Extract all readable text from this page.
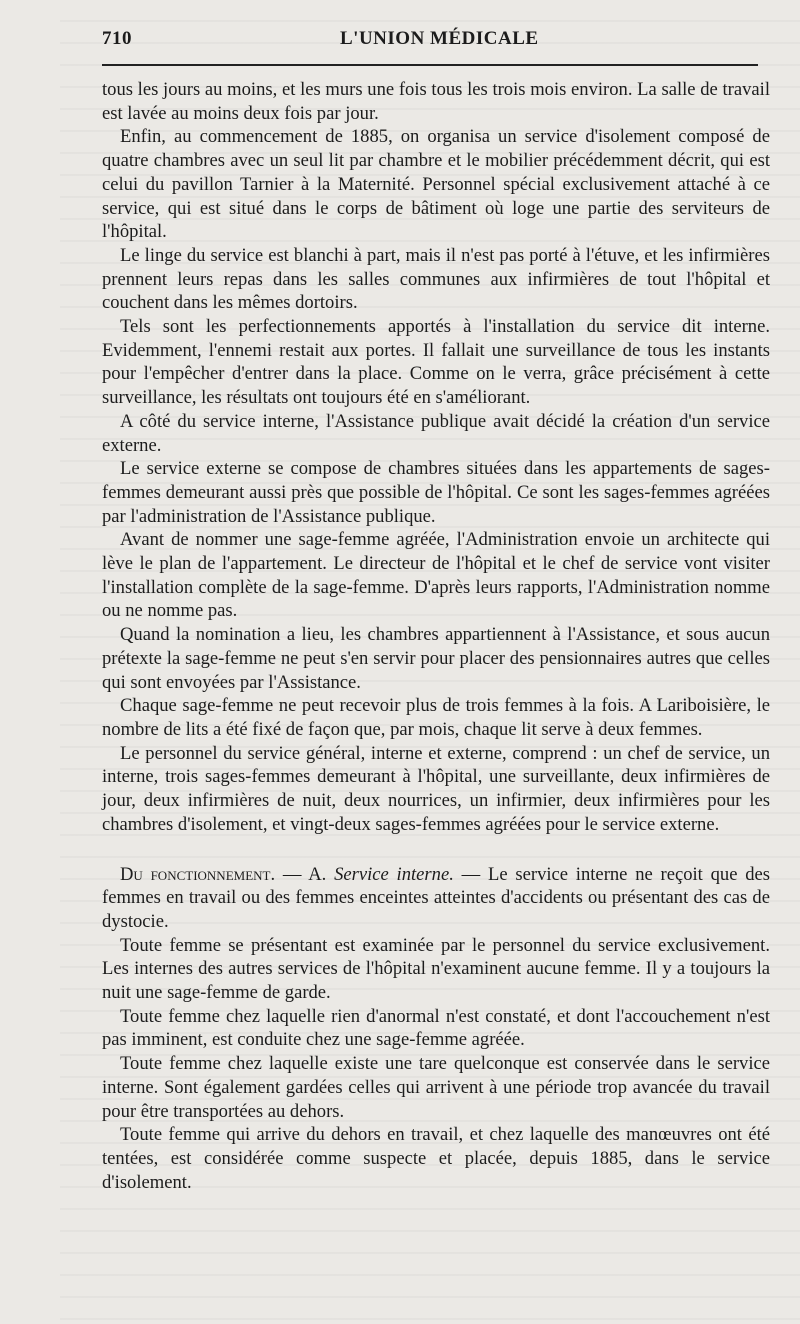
710	L'UNION MÉDICALE

tous les jours au moins, et les murs une fois tous les trois mois environ. La salle de travail est lavée au moins deux fois par jour.

Enfin, au commencement de 1885, on organisa un service d'isolement composé de quatre chambres avec un seul lit par chambre et le mobilier précédemment décrit, qui est celui du pavillon Tarnier à la Maternité. Personnel spécial exclusivement attaché à ce service, qui est situé dans le corps de bâtiment où loge une partie des serviteurs de l'hôpital.

Le linge du service est blanchi à part, mais il n'est pas porté à l'étuve, et les infirmières prennent leurs repas dans les salles communes aux infirmières de tout l'hôpital et couchent dans les mêmes dortoirs.

Tels sont les perfectionnements apportés à l'installation du service dit interne. Evidemment, l'ennemi restait aux portes. Il fallait une surveillance de tous les instants pour l'empêcher d'entrer dans la place. Comme on le verra, grâce précisément à cette surveillance, les résultats ont toujours été en s'améliorant.

A côté du service interne, l'Assistance publique avait décidé la création d'un service externe.

Le service externe se compose de chambres situées dans les appartements de sages-femmes demeurant aussi près que possible de l'hôpital. Ce sont les sages-femmes agréées par l'administration de l'Assistance publique.

Avant de nommer une sage-femme agréée, l'Administration envoie un architecte qui lève le plan de l'appartement. Le directeur de l'hôpital et le chef de service vont visiter l'installation complète de la sage-femme. D'après leurs rapports, l'Administration nomme ou ne nomme pas.

Quand la nomination a lieu, les chambres appartiennent à l'Assistance, et sous aucun prétexte la sage-femme ne peut s'en servir pour placer des pensionnaires autres que celles qui sont envoyées par l'Assistance.

Chaque sage-femme ne peut recevoir plus de trois femmes à la fois. A Lariboisière, le nombre de lits a été fixé de façon que, par mois, chaque lit serve à deux femmes.

Le personnel du service général, interne et externe, comprend : un chef de service, un interne, trois sages-femmes demeurant à l'hôpital, une surveillante, deux infirmières de jour, deux infirmières de nuit, deux nourrices, un infirmier, deux infirmières pour les chambres d'isolement, et vingt-deux sages-femmes agréées pour le service externe.

Du fonctionnement. — A. Service interne. — Le service interne ne reçoit que des femmes en travail ou des femmes enceintes atteintes d'accidents ou présentant des cas de dystocie.

Toute femme se présentant est examinée par le personnel du service exclusivement. Les internes des autres services de l'hôpital n'examinent aucune femme. Il y a toujours la nuit une sage-femme de garde.

Toute femme chez laquelle rien d'anormal n'est constaté, et dont l'accouchement n'est pas imminent, est conduite chez une sage-femme agréée.

Toute femme chez laquelle existe une tare quelconque est conservée dans le service interne. Sont également gardées celles qui arrivent à une période trop avancée du travail pour être transportées au dehors.

Toute femme qui arrive du dehors en travail, et chez laquelle des manœuvres ont été tentées, est considérée comme suspecte et placée, depuis 1885, dans le service d'isolement.
